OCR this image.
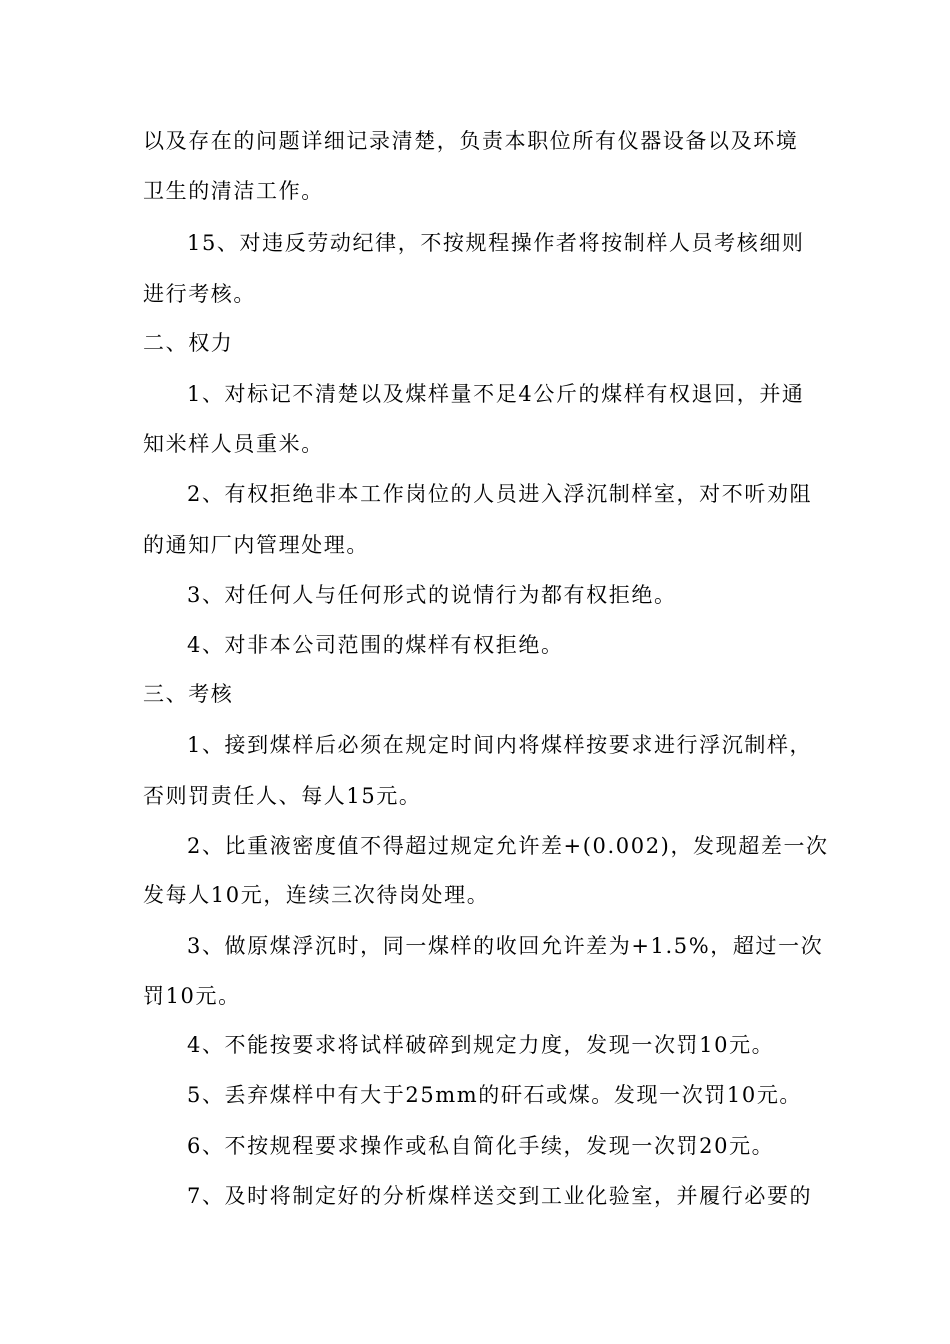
以及存在的问题详细记录清楚，负责本职位所有仪器设备以及环境
卫生的清洁工作。
15、对违反劳动纪律，不按规程操作者将按制样人员考核细则
进行考核。
二、权力
1、对标记不清楚以及煤样量不足4公斤的煤样有权退回，并通
知米样人员重米。
2、有权拒绝非本工作岗位的人员进入浮沉制样室，对不听劝阻
的通知厂内管理处理。
3、对任何人与任何形式的说情行为都有权拒绝。
4、对非本公司范围的煤样有权拒绝。
三、考核
1、接到煤样后必须在规定时间内将煤样按要求进行浮沉制样，
否则罚责任人、每人15元。
2、比重液密度值不得超过规定允许差+(0.002)，发现超差一次
发每人10元，连续三次待岗处理。
3、做原煤浮沉时，同一煤样的收回允许差为+1.5%，超过一次
罚10元。
4、不能按要求将试样破碎到规定力度，发现一次罚10元。
5、丢弃煤样中有大于25mm的矸石或煤。发现一次罚10元。
6、不按规程要求操作或私自简化手续，发现一次罚20元。
7、及时将制定好的分析煤样送交到工业化验室，并履行必要的
